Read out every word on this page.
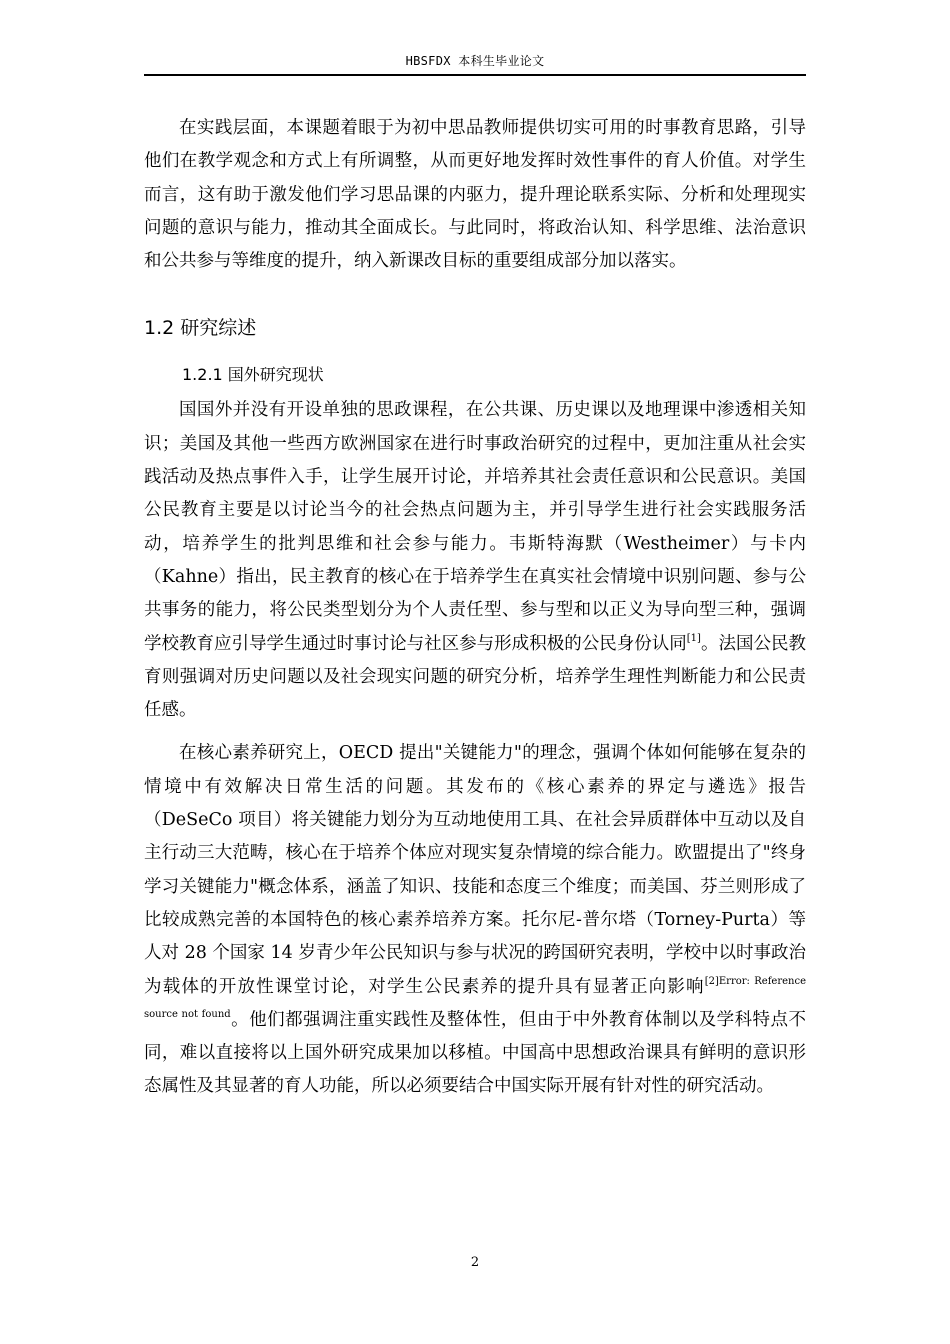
HBSFDX 本科生毕业论文

在实践层面，本课题着眼于为初中思品教师提供切实可用的时事教育思路，引导他们在教学观念和方式上有所调整，从而更好地发挥时效性事件的育人价值。对学生而言，这有助于激发他们学习思品课的内驱力，提升理论联系实际、分析和处理现实问题的意识与能力，推动其全面成长。与此同时，将政治认知、科学思维、法治意识和公共参与等维度的提升，纳入新课改目标的重要组成部分加以落实。

1.2 研究综述
1.2.1 国外研究现状

国国外并没有开设单独的思政课程，在公共课、历史课以及地理课中渗透相关知识；美国及其他一些西方欧洲国家在进行时事政治研究的过程中，更加注重从社会实践活动及热点事件入手，让学生展开讨论，并培养其社会责任意识和公民意识。美国公民教育主要是以讨论当今的社会热点问题为主，并引导学生进行社会实践服务活动，培养学生的批判思维和社会参与能力。韦斯特海默（Westheimer）与卡内（Kahne）指出，民主教育的核心在于培养学生在真实社会情境中识别问题、参与公共事务的能力，将公民类型划分为个人责任型、参与型和以正义为导向型三种，强调学校教育应引导学生通过时事讨论与社区参与形成积极的公民身份认同[1]。法国公民教育则强调对历史问题以及社会现实问题的研究分析，培养学生理性判断能力和公民责任感。

在核心素养研究上，OECD 提出"关键能力"的理念，强调个体如何能够在复杂的情境中有效解决日常生活的问题。其发布的《核心素养的界定与遴选》报告（DeSeCo 项目）将关键能力划分为互动地使用工具、在社会异质群体中互动以及自主行动三大范畴，核心在于培养个体应对现实复杂情境的综合能力。欧盟提出了"终身学习关键能力"概念体系，涵盖了知识、技能和态度三个维度；而美国、芬兰则形成了比较成熟完善的本国特色的核心素养培养方案。托尔尼-普尔塔（Torney-Purta）等人对 28 个国家 14 岁青少年公民知识与参与状况的跨国研究表明，学校中以时事政治为载体的开放性课堂讨论，对学生公民素养的提升具有显著正向影响$^{[2]Error: Reference source not found}$。他们都强调注重实践性及整体性，但由于中外教育体制以及学科特点不同，难以直接将以上国外研究成果加以移植。中国高中思想政治课具有鲜明的意识形态属性及其显著的育人功能，所以必须要结合中国实际开展有针对性的研究活动。

2
